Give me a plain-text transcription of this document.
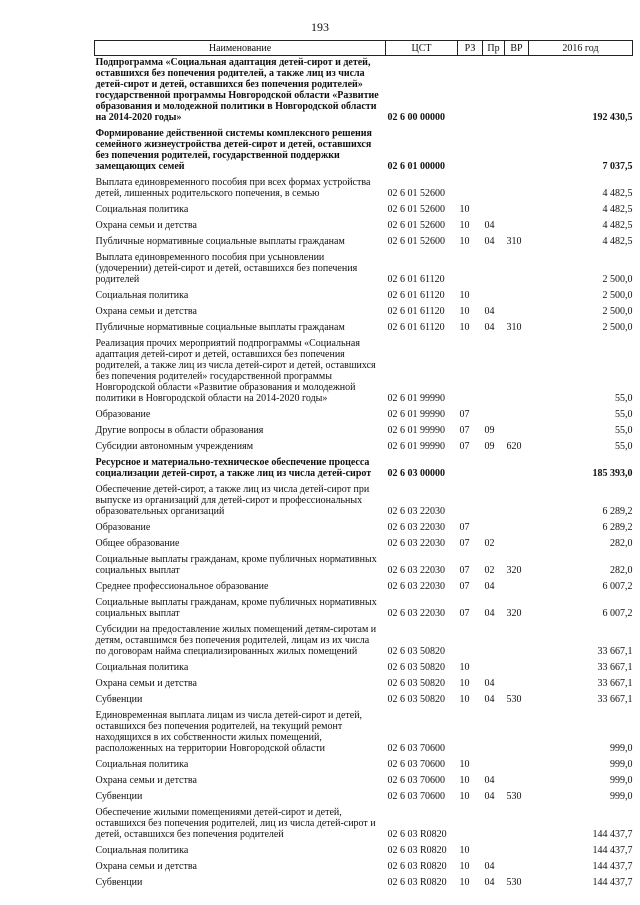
193
Наименование	ЦСТ	РЗ	Пр	ВР	2016 год
Подпрограмма «Социальная адаптация детей-сирот и детей, оставшихся без попечения родителей, а также лиц из числа детей-сирот и детей, оставшихся без попечения родителей» государственной программы Новгородской области «Развитие образования и молодежной политики в Новгородской области на 2014-2020 годы»	02 6 00 00000				192 430,5
Формирование действенной системы комплексного решения семейного жизнеустройства детей-сирот и детей, оставшихся без попечения родителей, государственной поддержки замещающих семей	02 6 01 00000				7 037,5
Выплата единовременного пособия при всех формах устройства детей, лишенных родительского попечения, в семью	02 6 01 52600				4 482,5
Социальная политика	02 6 01 52600	10			4 482,5
Охрана семьи и детства	02 6 01 52600	10	04		4 482,5
Публичные нормативные социальные выплаты гражданам	02 6 01 52600	10	04	310	4 482,5
Выплата единовременного пособия при усыновлении (удочерении) детей-сирот и детей, оставшихся без попечения родителей	02 6 01 61120				2 500,0
Социальная политика	02 6 01 61120	10			2 500,0
Охрана семьи и детства	02 6 01 61120	10	04		2 500,0
Публичные нормативные социальные выплаты гражданам	02 6 01 61120	10	04	310	2 500,0
Реализация прочих мероприятий подпрограммы «Социальная адаптация детей-сирот и детей, оставшихся без попечения родителей, а также лиц из числа детей-сирот и детей, оставшихся без попечения родителей» государственной программы Новгородской области «Развитие образования и молодежной политики в Новгородской области на 2014-2020 годы»	02 6 01 99990				55,0
Образование	02 6 01 99990	07			55,0
Другие вопросы в области образования	02 6 01 99990	07	09		55,0
Субсидии автономным учреждениям	02 6 01 99990	07	09	620	55,0
Ресурсное и материально-техническое обеспечение процесса социализации детей-сирот, а также лиц из числа детей-сирот	02 6 03 00000				185 393,0
Обеспечение детей-сирот, а также лиц из числа детей-сирот при выпуске из организаций для детей-сирот и профессиональных образовательных организаций	02 6 03 22030				6 289,2
Образование	02 6 03 22030	07			6 289,2
Общее образование	02 6 03 22030	07	02		282,0
Социальные выплаты гражданам, кроме публичных нормативных социальных выплат	02 6 03 22030	07	02	320	282,0
Среднее профессиональное образование	02 6 03 22030	07	04		6 007,2
Социальные выплаты гражданам, кроме публичных нормативных социальных выплат	02 6 03 22030	07	04	320	6 007,2
Субсидии на предоставление жилых помещений детям-сиротам и детям, оставшимся без попечения родителей, лицам из их числа по договорам найма специализированных жилых помещений	02 6 03 50820				33 667,1
Социальная политика	02 6 03 50820	10			33 667,1
Охрана семьи и детства	02 6 03 50820	10	04		33 667,1
Субвенции	02 6 03 50820	10	04	530	33 667,1
Единовременная выплата лицам из числа детей-сирот и детей, оставшихся без попечения родителей, на текущий ремонт находящихся в их собственности жилых помещений, расположенных на территории Новгородской области	02 6 03 70600				999,0
Социальная политика	02 6 03 70600	10			999,0
Охрана семьи и детства	02 6 03 70600	10	04		999,0
Субвенции	02 6 03 70600	10	04	530	999,0
Обеспечение жилыми помещениями детей-сирот и детей, оставшихся без попечения родителей, лиц из числа детей-сирот и детей, оставшихся без попечения родителей	02 6 03 R0820				144 437,7
Социальная политика	02 6 03 R0820	10			144 437,7
Охрана семьи и детства	02 6 03 R0820	10	04		144 437,7
Субвенции	02 6 03 R0820	10	04	530	144 437,7
